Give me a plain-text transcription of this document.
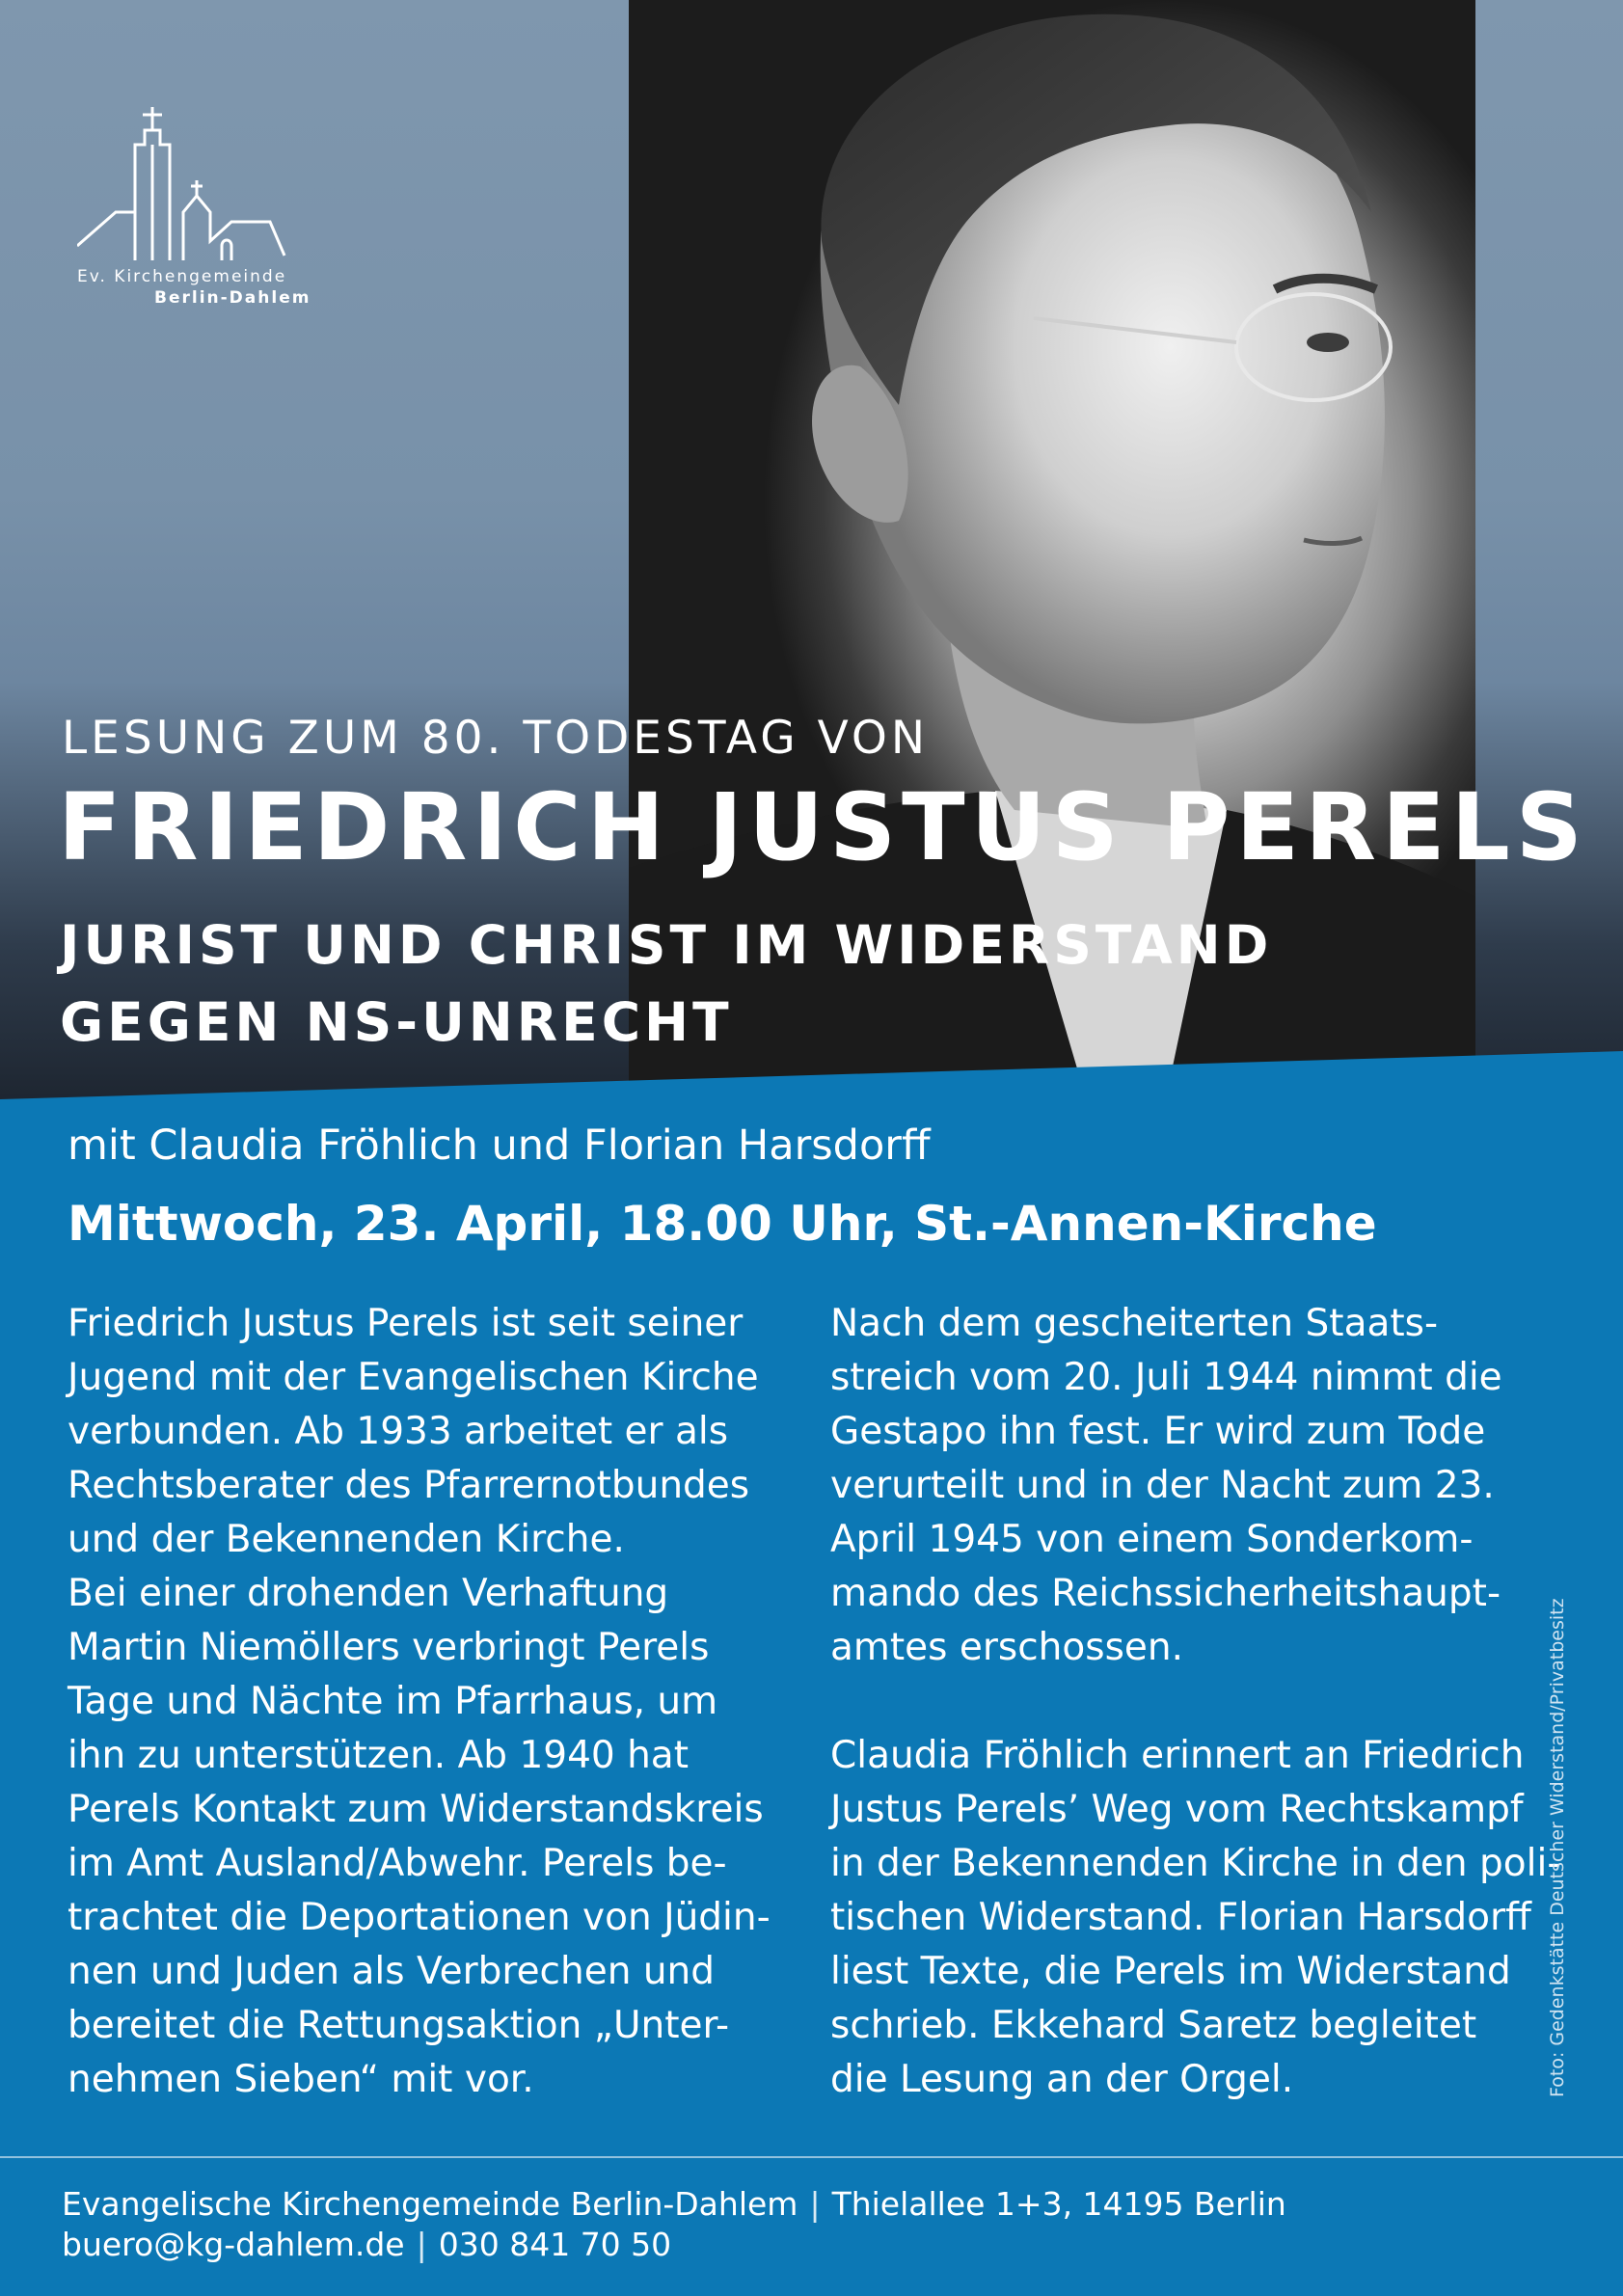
Ev. Kirchengemeinde
Berlin-Dahlem
LESUNG ZUM 80. TODESTAG VON
FRIEDRICH JUSTUS PERELS
JURIST UND CHRIST IM WIDERSTAND
GEGEN NS-UNRECHT
mit Claudia Fröhlich und Florian Harsdorff
Mittwoch, 23. April, 18.00 Uhr, St.-Annen-Kirche

Friedrich Justus Perels ist seit seiner
Jugend mit der Evangelischen Kirche
verbunden. Ab 1933 arbeitet er als
Rechtsberater des Pfarrernotbundes
und der Bekennenden Kirche.
Bei einer drohenden Verhaftung
Martin Niemöllers verbringt Perels
Tage und Nächte im Pfarrhaus, um
ihn zu unterstützen. Ab 1940 hat
Perels Kontakt zum Widerstandskreis
im Amt Ausland/Abwehr. Perels be-
trachtet die Deportationen von Jüdin-
nen und Juden als Verbrechen und
bereitet die Rettungsaktion „Unter-
nehmen Sieben“ mit vor.

Nach dem gescheiterten Staats-
streich vom 20. Juli 1944 nimmt die
Gestapo ihn fest. Er wird zum Tode
verurteilt und in der Nacht zum 23.
April 1945 von einem Sonderkom-
mando des Reichssicherheitshaupt-
amtes erschossen.

Claudia Fröhlich erinnert an Friedrich
Justus Perels’ Weg vom Rechtskampf
in der Bekennenden Kirche in den poli-
tischen Widerstand. Florian Harsdorff
liest Texte, die Perels im Widerstand
schrieb. Ekkehard Saretz begleitet
die Lesung an der Orgel.	Foto: Gedenkstätte Deutscher Widerstand/Privatbesitz
Evangelische Kirchengemeinde Berlin-Dahlem | Thielallee 1+3, 14195 Berlin
buero@kg-dahlem.de | 030 841 70 50
